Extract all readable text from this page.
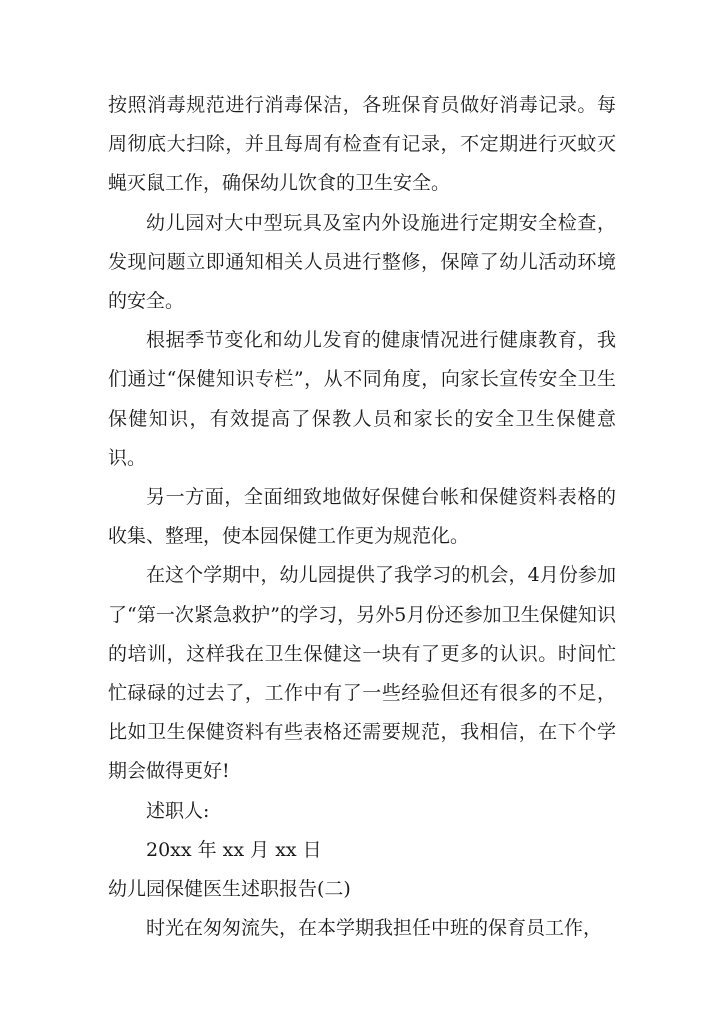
按照消毒规范进行消毒保洁，各班保育员做好消毒记录。每周彻底大扫除，并且每周有检查有记录，不定期进行灭蚊灭蝇灭鼠工作，确保幼儿饮食的卫生安全。

幼儿园对大中型玩具及室内外设施进行定期安全检查，发现问题立即通知相关人员进行整修，保障了幼儿活动环境的安全。

根据季节变化和幼儿发育的健康情况进行健康教育，我们通过“保健知识专栏”，从不同角度，向家长宣传安全卫生保健知识，有效提高了保教人员和家长的安全卫生保健意识。

另一方面，全面细致地做好保健台帐和保健资料表格的收集、整理，使本园保健工作更为规范化。

在这个学期中，幼儿园提供了我学习的机会，4月份参加了“第一次紧急救护”的学习，另外5月份还参加卫生保健知识的培训，这样我在卫生保健这一块有了更多的认识。时间忙忙碌碌的过去了，工作中有了一些经验但还有很多的不足，比如卫生保健资料有些表格还需要规范，我相信，在下个学期会做得更好!

述职人:

20xx 年 xx 月 xx 日

幼儿园保健医生述职报告(二)

时光在匆匆流失，在本学期我担任中班的保育员工作，
